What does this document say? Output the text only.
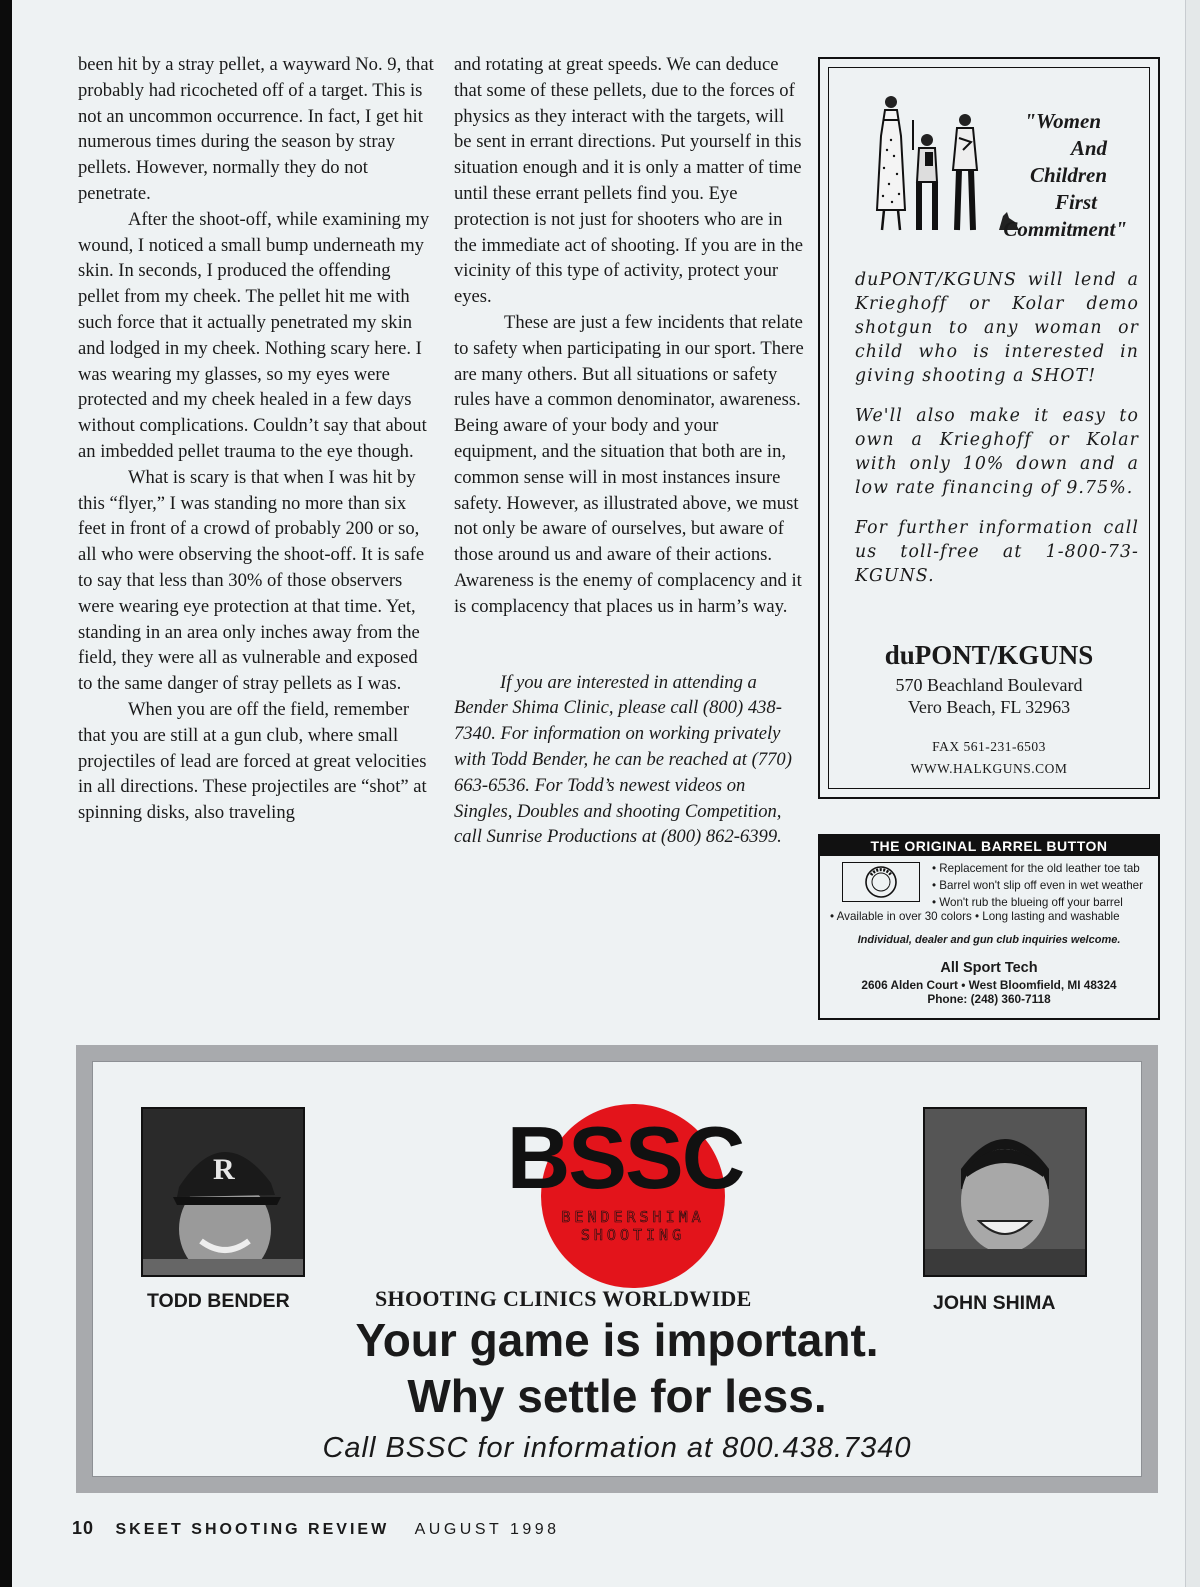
been hit by a stray pellet, a wayward No. 9, that probably had ricocheted off of a target. This is not an uncommon occurrence. In fact, I get hit numerous times during the season by stray pellets. However, normally they do not penetrate.

After the shoot-off, while examining my wound, I noticed a small bump underneath my skin. In seconds, I produced the offending pellet from my cheek. The pellet hit me with such force that it actually penetrated my skin and lodged in my cheek. Nothing scary here. I was wearing my glasses, so my eyes were protected and my cheek healed in a few days without complications. Couldn’t say that about an imbedded pellet trauma to the eye though.

What is scary is that when I was hit by this “flyer,” I was standing no more than six feet in front of a crowd of probably 200 or so, all who were observing the shoot-off. It is safe to say that less than 30% of those observers were wearing eye protection at that time. Yet, standing in an area only inches away from the field, they were all as vulnerable and exposed to the same danger of stray pellets as I was.

When you are off the field, remember that you are still at a gun club, where small projectiles of lead are forced at great velocities in all directions. These projectiles are “shot” at spinning disks, also traveling

and rotating at great speeds. We can deduce that some of these pellets, due to the forces of physics as they interact with the targets, will be sent in errant directions. Put yourself in this situation enough and it is only a matter of time until these errant pellets find you. Eye protection is not just for shooters who are in the immediate act of shooting. If you are in the vicinity of this type of activity, protect your eyes.

These are just a few incidents that relate to safety when participating in our sport. There are many others. But all situations or safety rules have a common denominator, awareness. Being aware of your body and your equipment, and the situation that both are in, common sense will in most instances insure safety. However, as illustrated above, we must not only be aware of ourselves, but aware of those around us and aware of their actions. Awareness is the enemy of complacency and it is complacency that places us in harm’s way.

If you are interested in attending a Bender Shima Clinic, please call (800) 438-7340. For information on working privately with Todd Bender, he can be reached at (770) 663-6536. For Todd’s newest videos on Singles, Doubles and shooting Competition, call Sunrise Productions at (800) 862-6399.

"Women
And
Children
First
Commitment"

duPONT/KGUNS will lend a Krieghoff or Kolar demo shotgun to any woman or child who is interested in giving shooting a SHOT!

We'll also make it easy to own a Krieghoff or Kolar with only 10% down and a low rate financing of 9.75%.

For further information call us toll-free at 1-800-73-KGUNS.

duPONT/KGUNS
570 Beachland Boulevard
Vero Beach, FL 32963
FAX 561-231-6503
WWW.HALKGUNS.COM
THE ORIGINAL BARREL BUTTON
• Replacement for the old leather toe tab
• Barrel won't slip off even in wet weather
• Won't rub the blueing off your barrel
• Available in over 30 colors • Long lasting and washable
Individual, dealer and gun club inquiries welcome.
All Sport Tech
2606 Alden Court • West Bloomfield, MI 48324
Phone: (248) 360-7118
R	BSSC
BENDERSHIMA
SHOOTING
TODD BENDER	JOHN SHIMA
SHOOTING CLINICS WORLDWIDE
Your game is important.
Why settle for less.
Call BSSC for information at 800.438.7340
10 SKEET SHOOTING REVIEW AUGUST 1998
